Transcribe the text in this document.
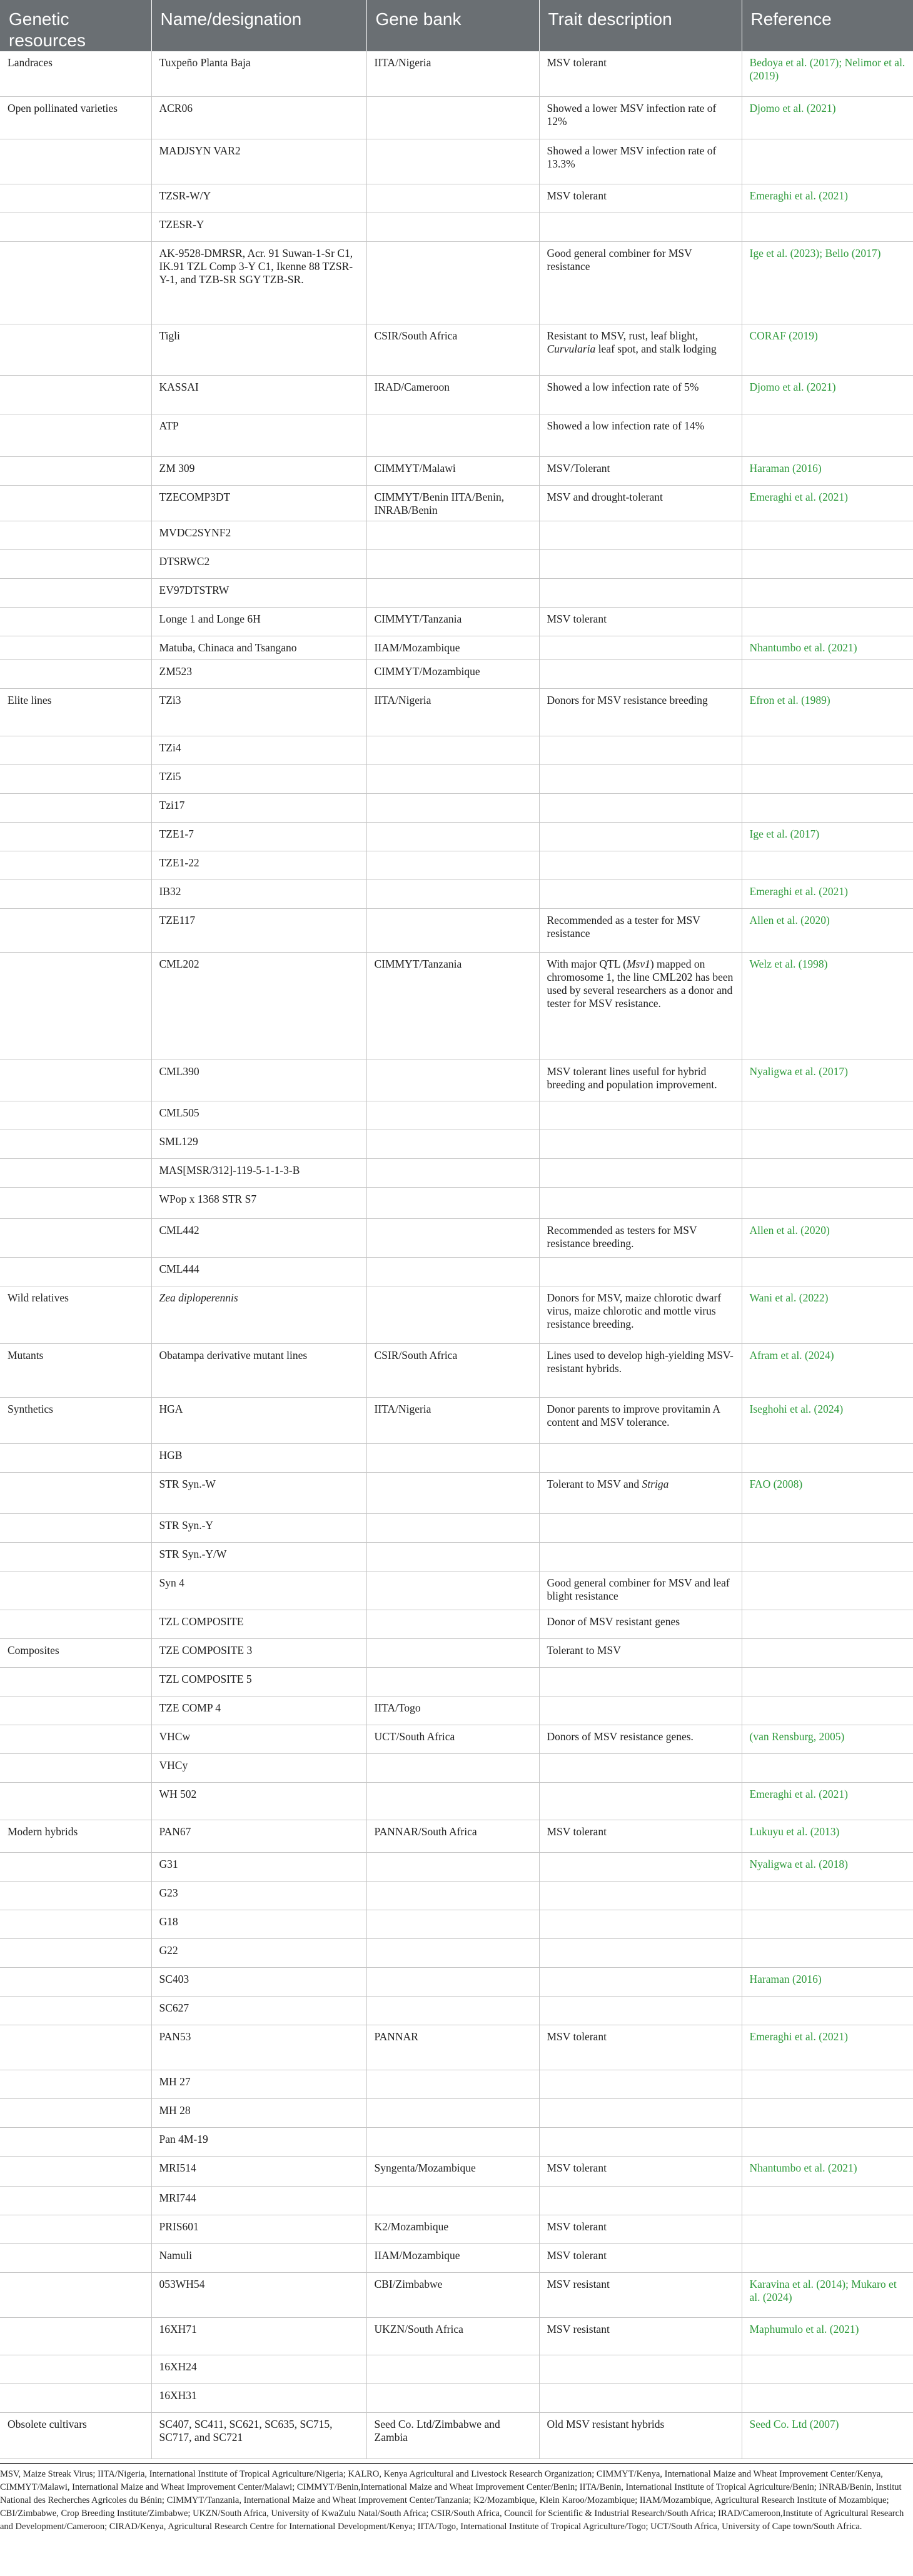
Genetic resources	Name/designation	Gene bank	Trait description	Reference
Landraces	Tuxpeño Planta Baja	IITA/Nigeria	MSV tolerant	Bedoya et al. (2017); Nelimor et al. (2019)
Open pollinated varieties	ACR06		Showed a lower MSV infection rate of 12%	Djomo et al. (2021)
	MADJSYN VAR2		Showed a lower MSV infection rate of 13.3%	
	TZSR-W/Y		MSV tolerant	Emeraghi et al. (2021)
	TZESR-Y			
	AK-9528-DMRSR, Acr. 91 Suwan-1-Sr C1, IK.91 TZL Comp 3-Y C1, Ikenne 88 TZSR-Y-1, and TZB-SR SGY TZB-SR.		Good general combiner for MSV resistance	Ige et al. (2023); Bello (2017)
	Tigli	CSIR/South Africa	Resistant to MSV, rust, leaf blight, Curvularia leaf spot, and stalk lodging	CORAF (2019)
	KASSAI	IRAD/Cameroon	Showed a low infection rate of 5%	Djomo et al. (2021)
	ATP		Showed a low infection rate of 14%	
	ZM 309	CIMMYT/Malawi	MSV/Tolerant	Haraman (2016)
	TZECOMP3DT	CIMMYT/Benin IITA/Benin, INRAB/Benin	MSV and drought-tolerant	Emeraghi et al. (2021)
	MVDC2SYNF2			
	DTSRWC2			
	EV97DTSTRW			
	Longe 1 and Longe 6H	CIMMYT/Tanzania	MSV tolerant	
	Matuba, Chinaca and Tsangano	IIAM/Mozambique		Nhantumbo et al. (2021)
	ZM523	CIMMYT/Mozambique		
Elite lines	TZi3	IITA/Nigeria	Donors for MSV resistance breeding	Efron et al. (1989)
	TZi4			
	TZi5			
	Tzi17			
	TZE1-7			Ige et al. (2017)
	TZE1-22			
	IB32			Emeraghi et al. (2021)
	TZE117		Recommended as a tester for MSV resistance	Allen et al. (2020)
	CML202	CIMMYT/Tanzania	With major QTL (Msv1) mapped on chromosome 1, the line CML202 has been used by several researchers as a donor and tester for MSV resistance.	Welz et al. (1998)
	CML390		MSV tolerant lines useful for hybrid breeding and population improvement.	Nyaligwa et al. (2017)
	CML505			
	SML129			
	MAS[MSR/312]-119-5-1-1-3-B			
	WPop x 1368 STR S7			
	CML442		Recommended as testers for MSV resistance breeding.	Allen et al. (2020)
	CML444			
Wild relatives	Zea diploperennis		Donors for MSV, maize chlorotic dwarf virus, maize chlorotic and mottle virus resistance breeding.	Wani et al. (2022)
Mutants	Obatampa derivative mutant lines	CSIR/South Africa	Lines used to develop high-yielding MSV-resistant hybrids.	Afram et al. (2024)
Synthetics	HGA	IITA/Nigeria	Donor parents to improve provitamin A content and MSV tolerance.	Iseghohi et al. (2024)
	HGB			
	STR Syn.-W		Tolerant to MSV and Striga	FAO (2008)
	STR Syn.-Y			
	STR Syn.-Y/W			
	Syn 4		Good general combiner for MSV and leaf blight resistance	
	TZL COMPOSITE		Donor of MSV resistant genes	
Composites	TZE COMPOSITE 3		Tolerant to MSV	
	TZL COMPOSITE 5			
	TZE COMP 4	IITA/Togo		
	VHCw	UCT/South Africa	Donors of MSV resistance genes.	(van Rensburg, 2005)
	VHCy			
	WH 502			Emeraghi et al. (2021)
Modern hybrids	PAN67	PANNAR/South Africa	MSV tolerant	Lukuyu et al. (2013)
	G31			Nyaligwa et al. (2018)
	G23			
	G18			
	G22			
	SC403			Haraman (2016)
	SC627			
	PAN53	PANNAR	MSV tolerant	Emeraghi et al. (2021)
	MH 27			
	MH 28			
	Pan 4M-19			
	MRI514	Syngenta/Mozambique	MSV tolerant	Nhantumbo et al. (2021)
	MRI744			
	PRIS601	K2/Mozambique	MSV tolerant	
	Namuli	IIAM/Mozambique	MSV tolerant	
	053WH54	CBI/Zimbabwe	MSV resistant	Karavina et al. (2014); Mukaro et al. (2024)
	16XH71	UKZN/South Africa	MSV resistant	Maphumulo et al. (2021)
	16XH24			
	16XH31			
Obsolete cultivars	SC407, SC411, SC621, SC635, SC715, SC717, and SC721	Seed Co. Ltd/Zimbabwe and Zambia	Old MSV resistant hybrids	Seed Co. Ltd (2007)
MSV, Maize Streak Virus; IITA/Nigeria, International Institute of Tropical Agriculture/Nigeria; KALRO, Kenya Agricultural and Livestock Research Organization; CIMMYT/Kenya, International Maize and Wheat Improvement Center/Kenya, CIMMYT/Malawi, International Maize and Wheat Improvement Center/Malawi; CIMMYT/Benin,International Maize and Wheat Improvement Center/Benin; IITA/Benin, International Institute of Tropical Agriculture/Benin; INRAB/Benin, Institut National des Recherches Agricoles du Bénin; CIMMYT/Tanzania, International Maize and Wheat Improvement Center/Tanzania; K2/Mozambique, Klein Karoo/Mozambique; IIAM/Mozambique, Agricultural Research Institute of Mozambique; CBI/Zimbabwe, Crop Breeding Institute/Zimbabwe; UKZN/South Africa, University of KwaZulu Natal/South Africa; CSIR/South Africa, Council for Scientific & Industrial Research/South Africa; IRAD/Cameroon,Institute of Agricultural Research and Development/Cameroon; CIRAD/Kenya, Agricultural Research Centre for International Development/Kenya; IITA/Togo, International Institute of Tropical Agriculture/Togo; UCT/South Africa, University of Cape town/South Africa.
